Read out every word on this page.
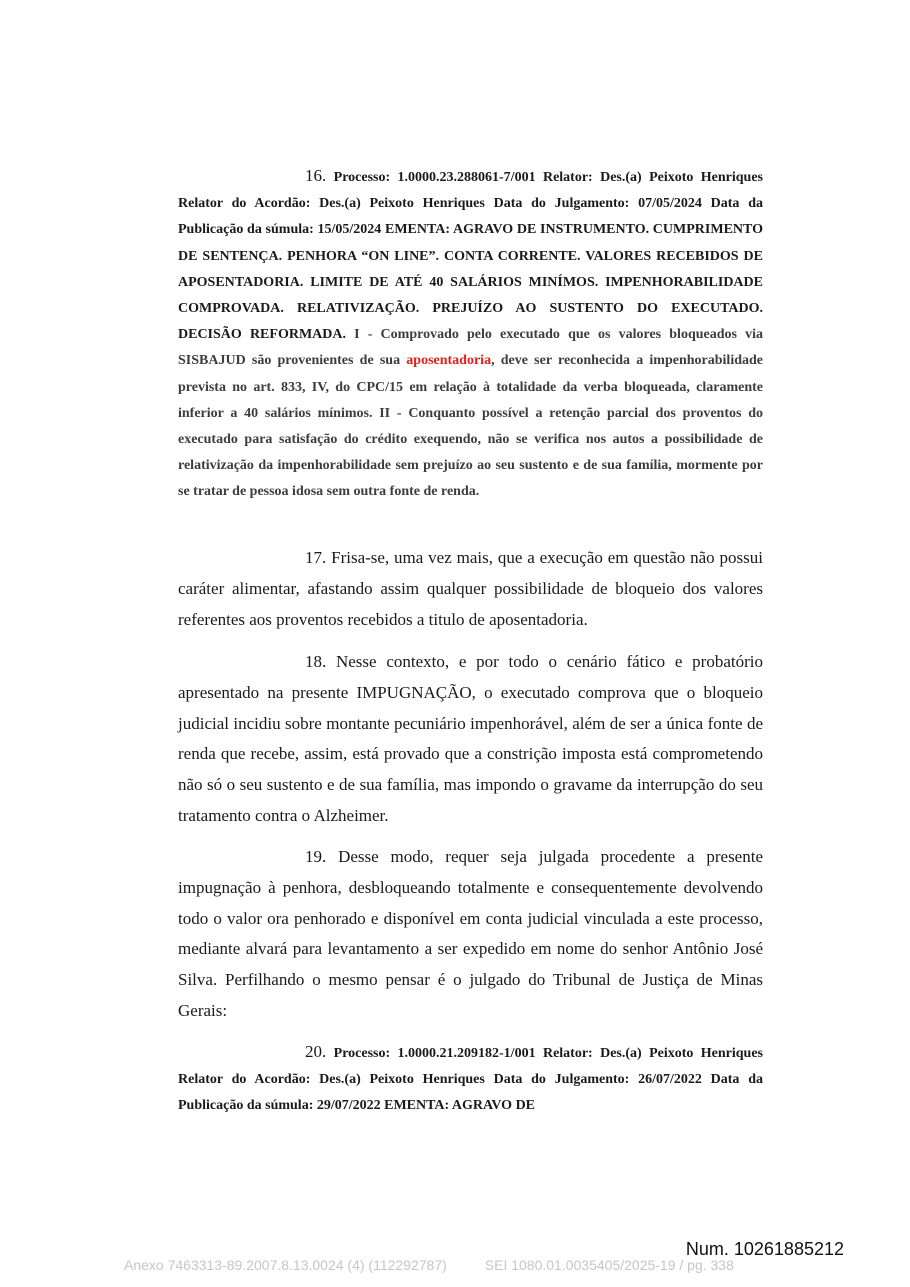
16. Processo: 1.0000.23.288061-7/001 Relator: Des.(a) Peixoto Henriques Relator do Acordão: Des.(a) Peixoto Henriques Data do Julgamento: 07/05/2024 Data da Publicação da súmula: 15/05/2024 EMENTA: AGRAVO DE INSTRUMENTO. CUMPRIMENTO DE SENTENÇA. PENHORA “ON LINE”. CONTA CORRENTE. VALORES RECEBIDOS DE APOSENTADORIA. LIMITE DE ATÉ 40 SALÁRIOS MINÍMOS. IMPENHORABILIDADE COMPROVADA. RELATIVIZAÇÃO. PREJUÍZO AO SUSTENTO DO EXECUTADO. DECISÃO REFORMADA. I - Comprovado pelo executado que os valores bloqueados via SISBAJUD são provenientes de sua aposentadoria, deve ser reconhecida a impenhorabilidade prevista no art. 833, IV, do CPC/15 em relação à totalidade da verba bloqueada, claramente inferior a 40 salários mínimos. II - Conquanto possível a retenção parcial dos proventos do executado para satisfação do crédito exequendo, não se verifica nos autos a possibilidade de relativização da impenhorabilidade sem prejuízo ao seu sustento e de sua família, mormente por se tratar de pessoa idosa sem outra fonte de renda.

17. Frisa-se, uma vez mais, que a execução em questão não possui caráter alimentar, afastando assim qualquer possibilidade de bloqueio dos valores referentes aos proventos recebidos a titulo de aposentadoria.

18. Nesse contexto, e por todo o cenário fático e probatório apresentado na presente IMPUGNAÇÃO, o executado comprova que o bloqueio judicial incidiu sobre montante pecuniário impenhorável, além de ser a única fonte de renda que recebe, assim, está provado que a constrição imposta está comprometendo não só o seu sustento e de sua família, mas impondo o gravame da interrupção do seu tratamento contra o Alzheimer.

19. Desse modo, requer seja julgada procedente a presente impugnação à penhora, desbloqueando totalmente e consequentemente devolvendo todo o valor ora penhorado e disponível em conta judicial vinculada a este processo, mediante alvará para levantamento a ser expedido em nome do senhor Antônio José Silva. Perfilhando o mesmo pensar é o julgado do Tribunal de Justiça de Minas Gerais:

20. Processo: 1.0000.21.209182-1/001 Relator: Des.(a) Peixoto Henriques Relator do Acordão: Des.(a) Peixoto Henriques Data do Julgamento: 26/07/2022 Data da Publicação da súmula: 29/07/2022 EMENTA: AGRAVO DE

Num. 10261885212
Anexo 7463313-89.2007.8.13.0024 (4) (112292787)	SEI 1080.01.0035405/2025-19 / pg. 338
